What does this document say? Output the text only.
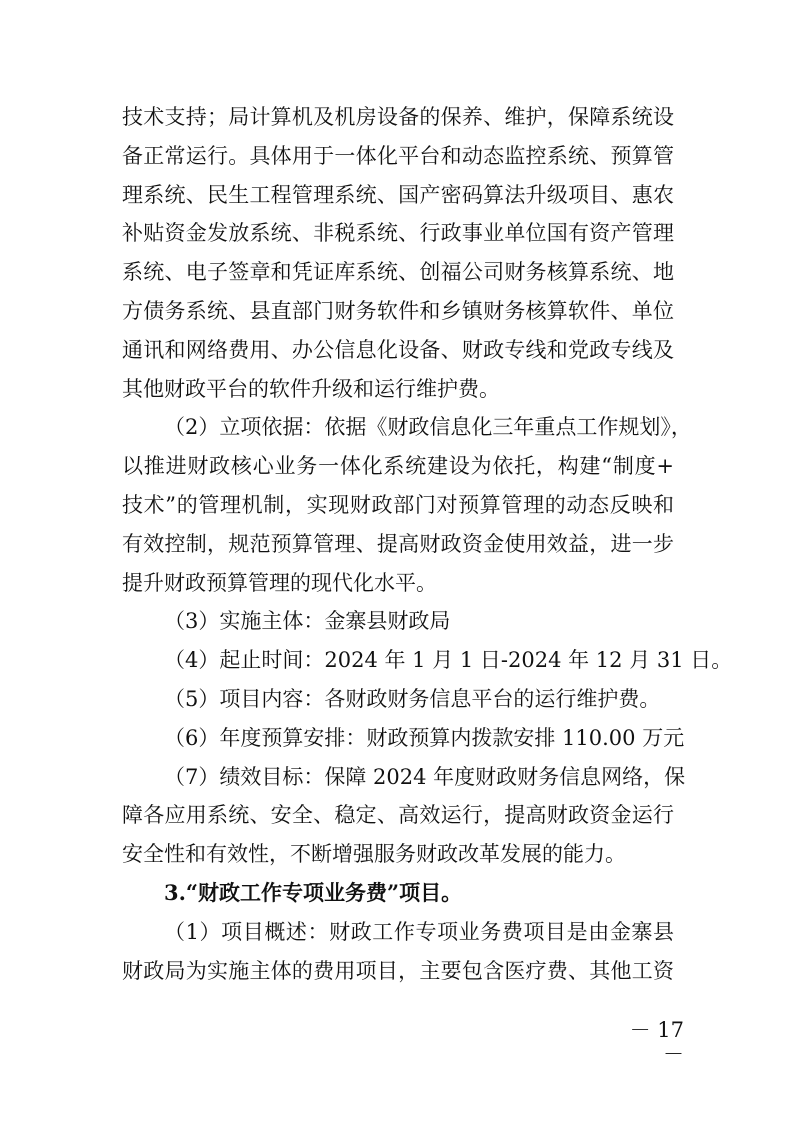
技术支持；局计算机及机房设备的保养、维护，保障系统设
备正常运行。具体用于一体化平台和动态监控系统、预算管
理系统、民生工程管理系统、国产密码算法升级项目、惠农
补贴资金发放系统、非税系统、行政事业单位国有资产管理
系统、电子签章和凭证库系统、创福公司财务核算系统、地
方债务系统、县直部门财务软件和乡镇财务核算软件、单位
通讯和网络费用、办公信息化设备、财政专线和党政专线及
其他财政平台的软件升级和运行维护费。
（2）立项依据：依据《财政信息化三年重点工作规划》，
以推进财政核心业务一体化系统建设为依托，构建“制度+
技术”的管理机制，实现财政部门对预算管理的动态反映和
有效控制，规范预算管理、提高财政资金使用效益，进一步
提升财政预算管理的现代化水平。
（3）实施主体：金寨县财政局
（4）起止时间：2024 年 1 月 1 日-2024 年 12 月 31 日。
（5）项目内容：各财政财务信息平台的运行维护费。
（6）年度预算安排：财政预算内拨款安排 110.00 万元
（7）绩效目标：保障 2024 年度财政财务信息网络，保
障各应用系统、安全、稳定、高效运行，提高财政资金运行
安全性和有效性，不断增强服务财政改革发展的能力。
3.“财政工作专项业务费”项目。
（1）项目概述：财政工作专项业务费项目是由金寨县
财政局为实施主体的费用项目，主要包含医疗费、其他工资
－ 17 －
